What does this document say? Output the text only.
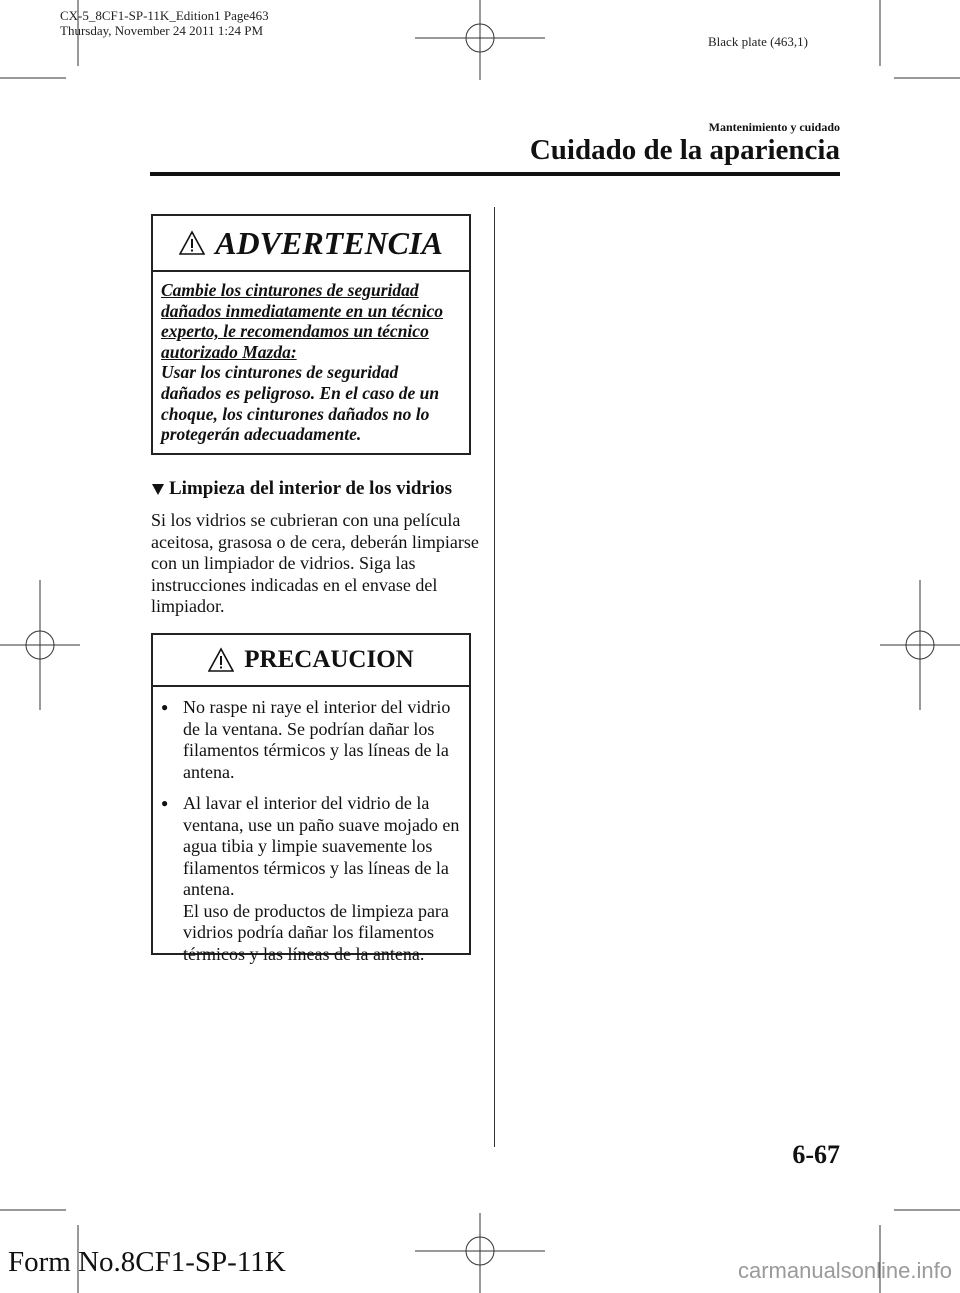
CX-5_8CF1-SP-11K_Edition1 Page463
Thursday, November 24 2011 1:24 PM
Black plate (463,1)
Mantenimiento y cuidado
Cuidado de la apariencia
ADVERTENCIA
Cambie los cinturones de seguridad dañados inmediatamente en un técnico experto, le recomendamos un técnico autorizado Mazda:
Usar los cinturones de seguridad dañados es peligroso. En el caso de un choque, los cinturones dañados no lo protegerán adecuadamente.
Limpieza del interior de los vidrios
Si los vidrios se cubrieran con una película aceitosa, grasosa o de cera, deberán limpiarse con un limpiador de vidrios. Siga las instrucciones indicadas en el envase del limpiador.
PRECAUCION
● No raspe ni raye el interior del vidrio de la ventana. Se podrían dañar los filamentos térmicos y las líneas de la antena.
● Al lavar el interior del vidrio de la ventana, use un paño suave mojado en agua tibia y limpie suavemente los filamentos térmicos y las líneas de la antena.
El uso de productos de limpieza para vidrios podría dañar los filamentos térmicos y las líneas de la antena.
6-67
Form No.8CF1-SP-11K	carmanualsonline.info
